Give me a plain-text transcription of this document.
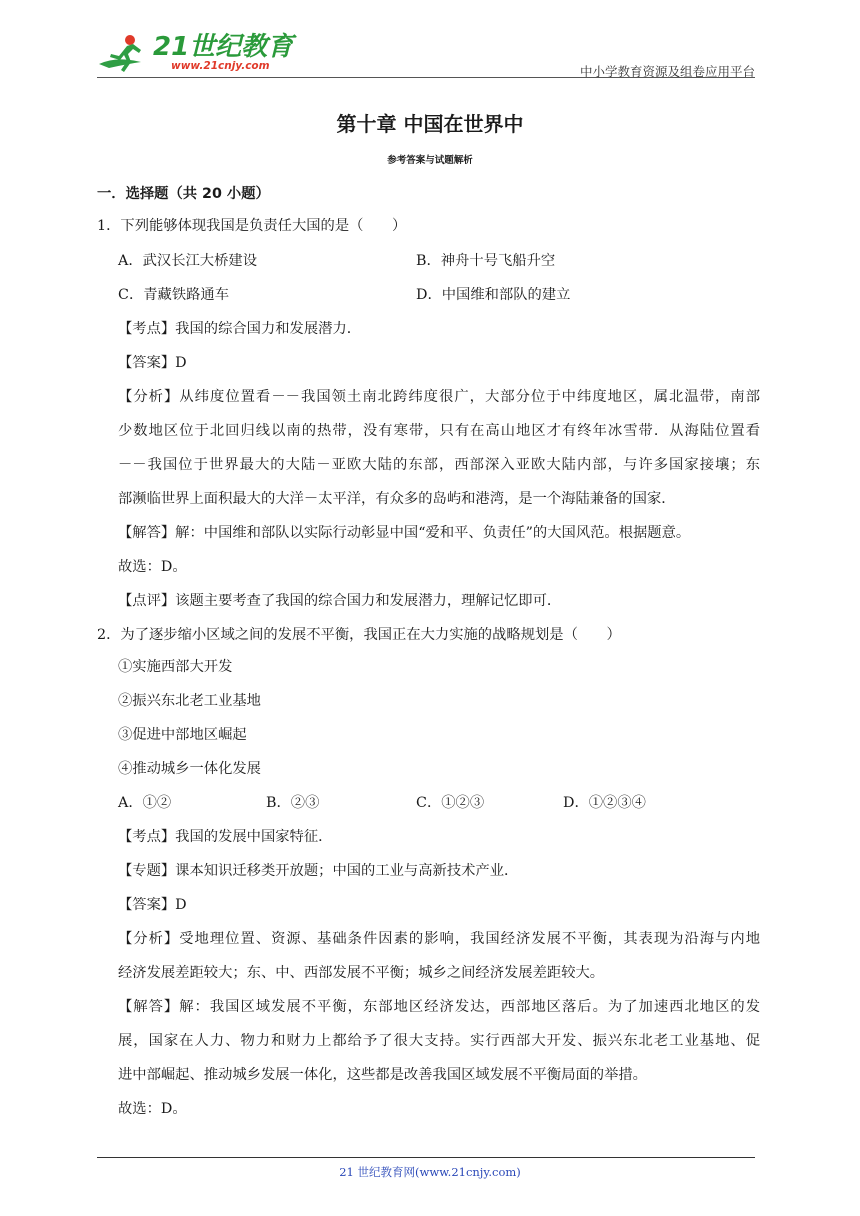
21世纪教育
www.21cnjy.com	中小学教育资源及组卷应用平台
第十章 中国在世界中
参考答案与试题解析
一．选择题（共 20 小题）
1．下列能够体现我国是负责任大国的是（　　）
A．武汉长江大桥建设	B．神舟十号飞船升空
C．青藏铁路通车	D．中国维和部队的建立
【考点】我国的综合国力和发展潜力．
【答案】D
【分析】从纬度位置看－－我国领土南北跨纬度很广，大部分位于中纬度地区，属北温带，南部
少数地区位于北回归线以南的热带，没有寒带，只有在高山地区才有终年冰雪带．从海陆位置看
－－我国位于世界最大的大陆－亚欧大陆的东部，西部深入亚欧大陆内部，与许多国家接壤；东
部濒临世界上面积最大的大洋－太平洋，有众多的岛屿和港湾，是一个海陆兼备的国家．
【解答】解：中国维和部队以实际行动彰显中国“爱和平、负责任”的大国风范。根据题意。
故选：D。
【点评】该题主要考查了我国的综合国力和发展潜力，理解记忆即可．
2．为了逐步缩小区域之间的发展不平衡，我国正在大力实施的战略规划是（　　）
①实施西部大开发
②振兴东北老工业基地
③促进中部地区崛起
④推动城乡一体化发展
A．①②	B．②③	C．①②③	D．①②③④
【考点】我国的发展中国家特征．
【专题】课本知识迁移类开放题；中国的工业与高新技术产业．
【答案】D
【分析】受地理位置、资源、基础条件因素的影响，我国经济发展不平衡，其表现为沿海与内地
经济发展差距较大；东、中、西部发展不平衡；城乡之间经济发展差距较大。
【解答】解：我国区域发展不平衡，东部地区经济发达，西部地区落后。为了加速西北地区的发
展，国家在人力、物力和财力上都给予了很大支持。实行西部大开发、振兴东北老工业基地、促
进中部崛起、推动城乡发展一体化，这些都是改善我国区域发展不平衡局面的举措。
故选：D。
21 世纪教育网(www.21cnjy.com)
